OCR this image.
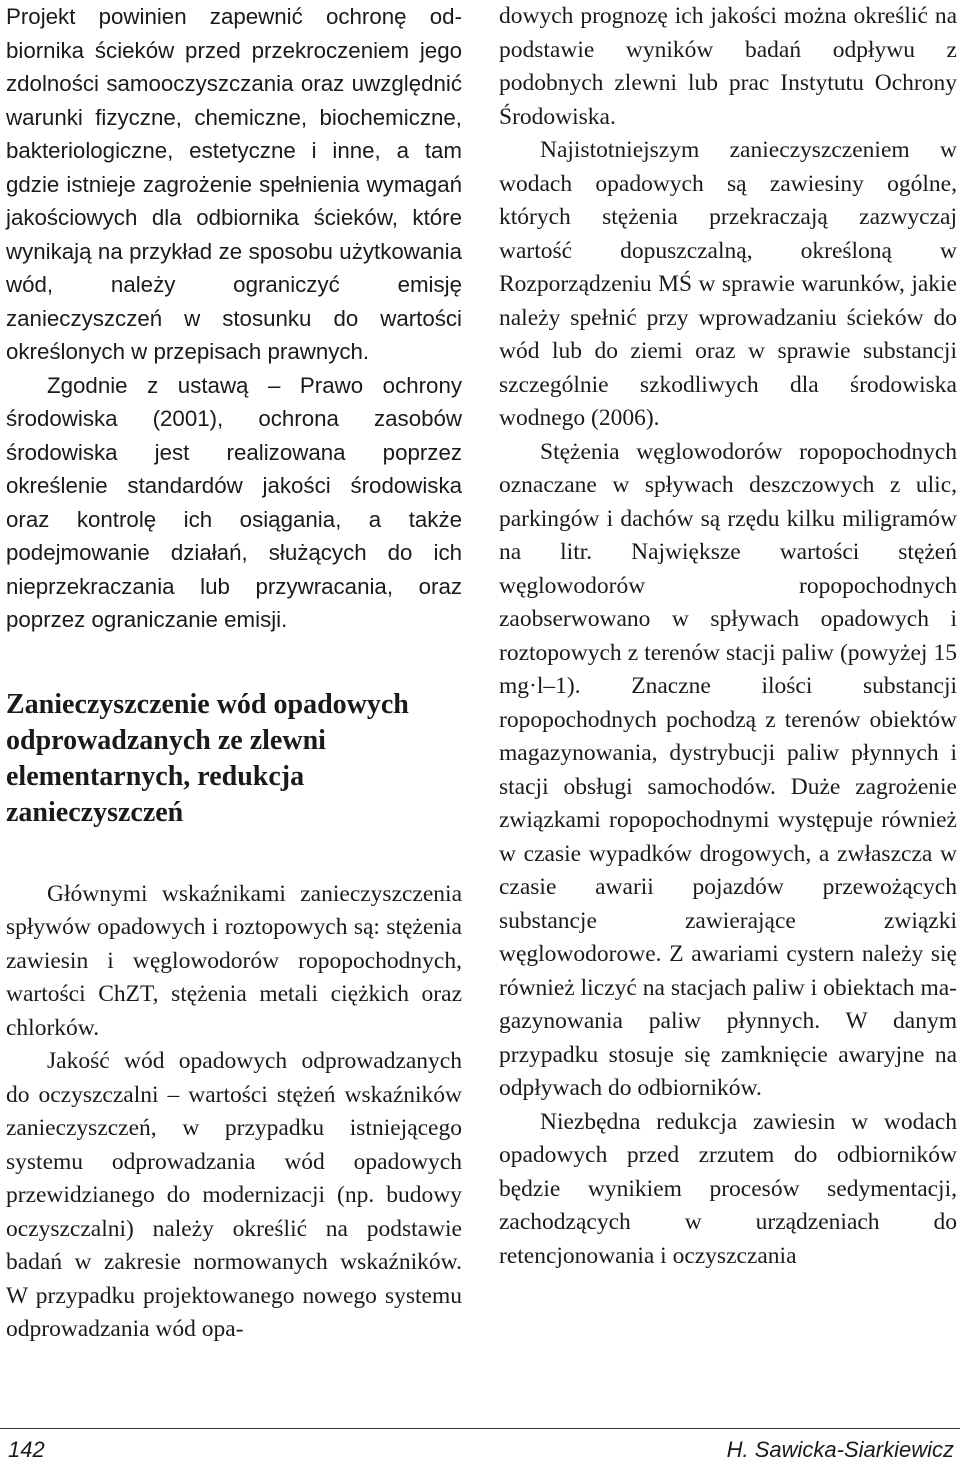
Projekt powinien zapewnić ochronę odbiornika ścieków przed przekroczeniem jego zdolności samooczyszczania oraz uwzględnić warunki fizyczne, chemiczne, biochemiczne, bakteriologiczne, estetyczne i inne, a tam gdzie istnieje zagrożenie spełnienia wymagań jakościowych dla odbiornika ścieków, które wynikają na przykład ze sposobu użytkowania wód, należy ograniczyć emisję zanieczyszczeń w stosunku do wartości określonych w przepisach prawnych.

Zgodnie z ustawą – Prawo ochrony środowiska (2001), ochrona zasobów środowiska jest realizowana poprzez określenie standardów jakości środowiska oraz kontrolę ich osiągania, a także podejmowanie działań, służących do ich nieprzekraczania lub przywracania, oraz poprzez ograniczanie emisji.

Zanieczyszczenie wód opadowych odprowadzanych ze zlewni elementarnych, redukcja zanieczyszczeń

Głównymi wskaźnikami zanieczyszczenia spływów opadowych i roztopowych są: stężenia zawiesin i węglowodorów ropopochodnych, wartości ChZT, stężenia metali ciężkich oraz chlorków.

Jakość wód opadowych odprowadzanych do oczyszczalni – wartości stężeń wskaźników zanieczyszczeń, w przypadku istniejącego systemu odprowadzania wód opadowych przewidzianego do modernizacji (np. budowy oczyszczalni) należy określić na podstawie badań w zakresie normowanych wskaźników. W przypadku projektowanego nowego systemu odprowadzania wód opa-

dowych prognozę ich jakości można określić na podstawie wyników badań odpływu z podobnych zlewni lub prac Instytutu Ochrony Środowiska.

Najistotniejszym zanieczyszczeniem w wodach opadowych są zawiesiny ogólne, których stężenia przekraczają zazwyczaj wartość dopuszczalną, określoną w Rozporządzeniu MŚ w sprawie warunków, jakie należy spełnić przy wprowadzaniu ścieków do wód lub do ziemi oraz w sprawie substancji szczególnie szkodliwych dla środowiska wodnego (2006).

Stężenia węglowodorów ropopochodnych oznaczane w spływach deszczowych z ulic, parkingów i dachów są rzędu kilku miligramów na litr. Największe wartości stężeń węglowodorów ropopochodnych zaobserwowano w spływach opadowych i roztopowych z terenów stacji paliw (powyżej 15 mg·l–1). Znaczne ilości substancji ropopochodnych pochodzą z terenów obiektów magazynowania, dystrybucji paliw płynnych i stacji obsługi samochodów. Duże zagrożenie związkami ropopochodnymi występuje również w czasie wypadków drogowych, a zwłaszcza w czasie awarii pojazdów przewożących substancje zawierające związki węglowodorowe. Z awariami cystern należy się również liczyć na stacjach paliw i obiektach magazynowania paliw płynnych. W danym przypadku stosuje się zamknięcie awaryjne na odpływach do odbiorników.

Niezbędna redukcja zawiesin w wodach opadowych przed zrzutem do odbiorników będzie wynikiem procesów sedymentacji, zachodzących w urządzeniach do retencjonowania i oczyszczania

142	H. Sawicka-Siarkiewicz
